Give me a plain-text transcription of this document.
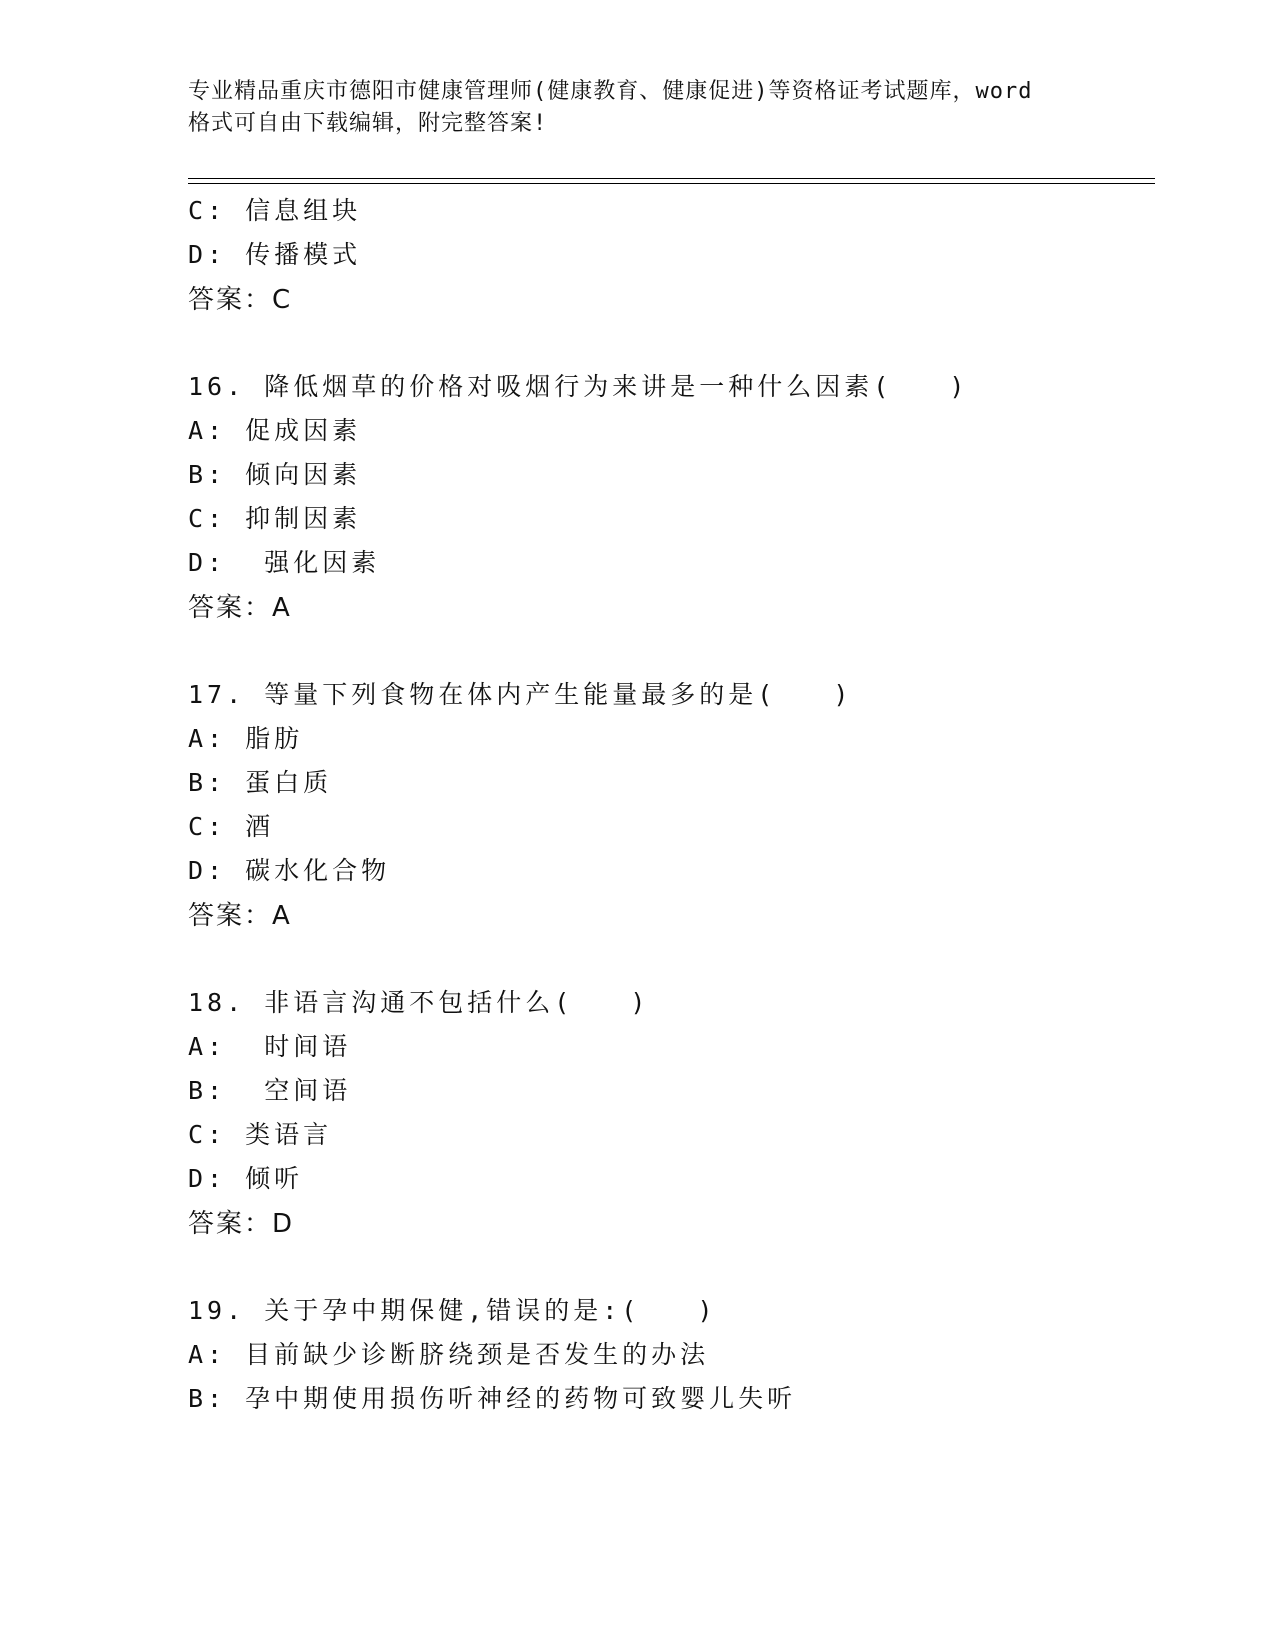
专业精品重庆市德阳市健康管理师(健康教育、健康促进)等资格证考试题库，word
格式可自由下载编辑，附完整答案!
C: 信息组块
D: 传播模式
答案：C
16. 降低烟草的价格对吸烟行为来讲是一种什么因素(   )
A: 促成因素
B: 倾向因素
C: 抑制因素
D:  强化因素
答案：A
17. 等量下列食物在体内产生能量最多的是(   )
A: 脂肪
B: 蛋白质
C: 酒
D: 碳水化合物
答案：A
18. 非语言沟通不包括什么(   )
A:  时间语
B:  空间语
C: 类语言
D: 倾听
答案：D
19. 关于孕中期保健,错误的是:(   )
A: 目前缺少诊断脐绕颈是否发生的办法
B: 孕中期使用损伤听神经的药物可致婴儿失听
